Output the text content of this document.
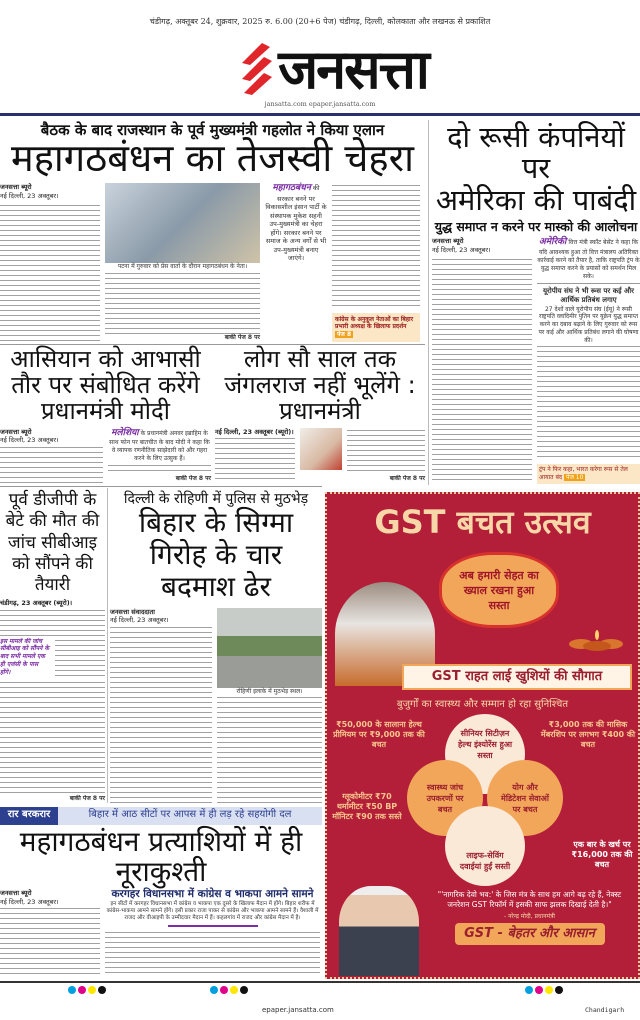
चंडीगढ़, अक्तूबर 24, शुक्रवार, 2025 रु. 6.00 (20+6 पेज) चंडीगढ़, दिल्ली, कोलकाता और लखनऊ से प्रकाशित
जनसत्ता
jansatta.com epaper.jansatta.com
बैठक के बाद राजस्थान के पूर्व मुख्यमंत्री गहलोत ने किया एलान
महागठबंधन का तेजस्वी चेहरा
जनसत्ता ब्यूरो
नई दिल्ली, 23 अक्तूबर।
पटना में गुरुवार को प्रेस वार्ता के दौरान महागठबंधन के नेता।
बाकी पेज 8 पर
महागठबंधन की सरकार बनने पर विकासशील इंसान पार्टी के संस्थापक मुकेश सहनी उप-मुख्यमंत्री का चेहरा होंगे। सरकार बनने पर समाज के अन्य वर्गों से भी उप-मुख्यमंत्री बनाए जाएंगे।
कांग्रेस के अनुकूल नेताओं का बिहार प्रभारी अध्यक्ष के खिलाफ प्रदर्शन पेज 8
दो रूसी कंपनियों पर
अमेरिका की पाबंदी
युद्ध समाप्त न करने पर मास्को की आलोचना
जनसत्ता ब्यूरो
नई दिल्ली, 23 अक्तूबर।
अमेरिकी वित्त मंत्री स्कॉट बेसेंट ने कहा कि यदि आवश्यक हुआ तो वित्त मंत्रालय अतिरिक्त कार्रवाई करने को तैयार है, ताकि राष्ट्रपति ट्रंप के युद्ध समाप्त करने के प्रयासों को समर्थन मिल सके।
यूरोपीय संघ ने भी रूस पर कई और आर्थिक प्रतिबंध लगाए
27 देशों वाले यूरोपीय संघ (ईयू) ने रूसी राष्ट्रपति व्लादिमीर पुतिन पर यूक्रेन युद्ध समाप्त करने का दबाव बढ़ाने के लिए गुरुवार को रूस पर कई और आर्थिक प्रतिबंध लगाने की घोषणा की।
ट्रंप ने फिर कहा, भारत करेगा रूस से तेल आयात बंद पेज 10
आसियान को आभासी तौर पर संबोधित करेंगे प्रधानमंत्री मोदी
जनसत्ता ब्यूरो
नई दिल्ली, 23 अक्तूबर।
मलेशिया के प्रधानमंत्री अनवर इब्राहिम के साथ फोन पर बातचीत के बाद मोदी ने कहा कि वे व्यापक रणनीतिक साझेदारी को और गहरा करने के लिए उत्सुक हैं।
बाकी पेज 8 पर
लोग सौ साल तक जंगलराज नहीं भूलेंगे : प्रधानमंत्री
नई दिल्ली, 23 अक्तूबर (ब्यूरो)।
बाकी पेज 8 पर
पूर्व डीजीपी के बेटे की मौत की जांच सीबीआइ को सौंपने की तैयारी
चंडीगढ़, 23 अक्तूबर (ब्यूरो)।
इस मामले की जांच सीबीआइ को सौंपने के बाद सभी मामले एक ही एजंसी के पास होंगे।
बाकी पेज 8 पर
दिल्ली के रोहिणी में पुलिस से मुठभेड़
बिहार के सिग्मा गिरोह के चार बदमाश ढेर
जनसत्ता संवाददाता
नई दिल्ली, 23 अक्तूबर।
रोहिणी इलाके में मुठभेड़ स्थल।
रार बरकरार	बिहार में आठ सीटों पर आपस में ही लड़ रहे सहयोगी दल
महागठबंधन प्रत्याशियों में ही नूराकुश्ती
जनसत्ता ब्यूरो
नई दिल्ली, 23 अक्तूबर।
करगहर विधानसभा में कांग्रेस व भाकपा आमने सामने
इन सीटों में करगहर विधानसभा में कांग्रेस व भाकपा एक दूसरे के खिलाफ मैदान में होंगे। बिहार शरीफ में कांग्रेस-भाकपा आमने सामने होंगे। इसी प्रकार राजा पाकर से कांग्रेस और भाकपा आमने सामने हैं। वैशाली में राजद और वीआइपी के उम्मीदवार मैदान में हैं। कहलगांव में राजद और कांग्रेस मैदान में है।
GST बचत उत्सव
अब हमारी सेहत का ख्याल रखना हुआ सस्ता
GST राहत लाई खुशियों की सौगात
बुजुर्गों का स्वास्थ्य और सम्मान हो रहा सुनिश्चित
सीनियर सिटीज़न हेल्थ इंश्योरेंस हुआ सस्ता
स्वास्थ्य जांच उपकरणों पर बचत
योग और मेडिटेशन सेवाओं पर बचत
लाइफ-सेविंग दवाईयां हुईं सस्ती
₹50,000 के सालाना हेल्थ प्रीमियम पर ₹9,000 तक की बचत
₹3,000 तक की मासिक मेंबरशिप पर लगभग ₹400 की बचत
ग्लूकोमीटर ₹70 थर्मामीटर ₹50 BP मॉनिटर ₹90 तक सस्ते
एक बार के खर्च पर ₹16,000 तक की बचत
"'नागरिक देवो भव:' के जिस मंत्र के साथ हम आगे बढ़ रहे हैं, नेक्स्ट जनरेशन GST रिफॉर्म में इसकी साफ झलक दिखाई देती है।"
- नरेन्द्र मोदी, प्रधानमंत्री
GST - बेहतर और आसान
epaper.jansatta.com	Chandigarh
